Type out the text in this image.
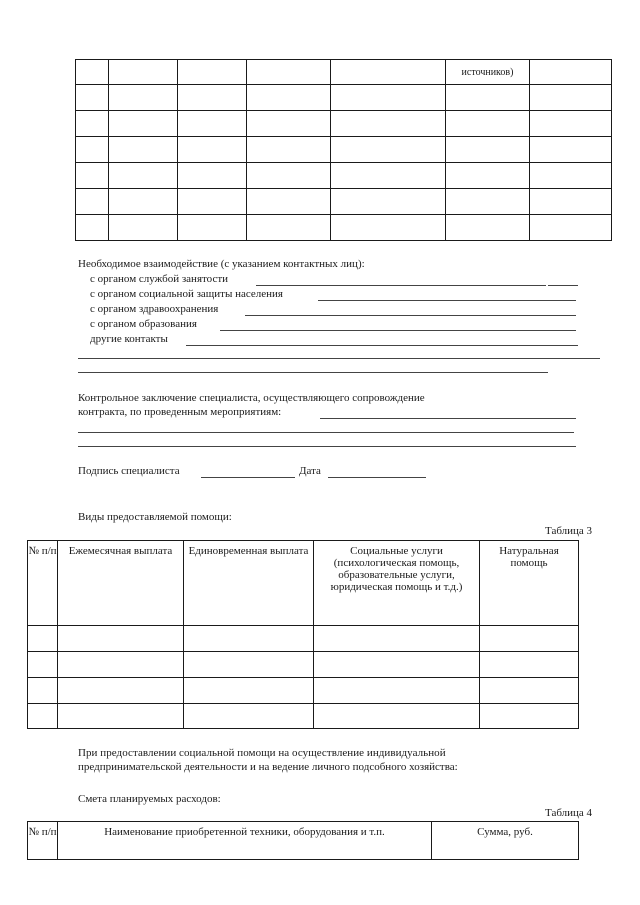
					источников)	

Необходимое взаимодействие (с указанием контактных лиц):
с органом службой занятости
с органом социальной защиты населения
с органом здравоохранения
с органом образования
другие контакты
Контрольное заключение специалиста, осуществляющего сопровождение
контракта, по проведенным мероприятиям:
Подпись специалиста	Дата
Виды предоставляемой помощи:
Таблица 3
№ п/п	Ежемесячная выплата	Единовременная выплата	Социальные услуги (психологическая помощь, образовательные услуги, юридическая помощь и т.д.)	Натуральная помощь

При предоставлении социальной помощи на осуществление индивидуальной
предпринимательской деятельности и на ведение личного подсобного хозяйства:
Смета планируемых расходов:
Таблица 4
№ п/п	Наименование приобретенной техники, оборудования и т.п.	Сумма, руб.
